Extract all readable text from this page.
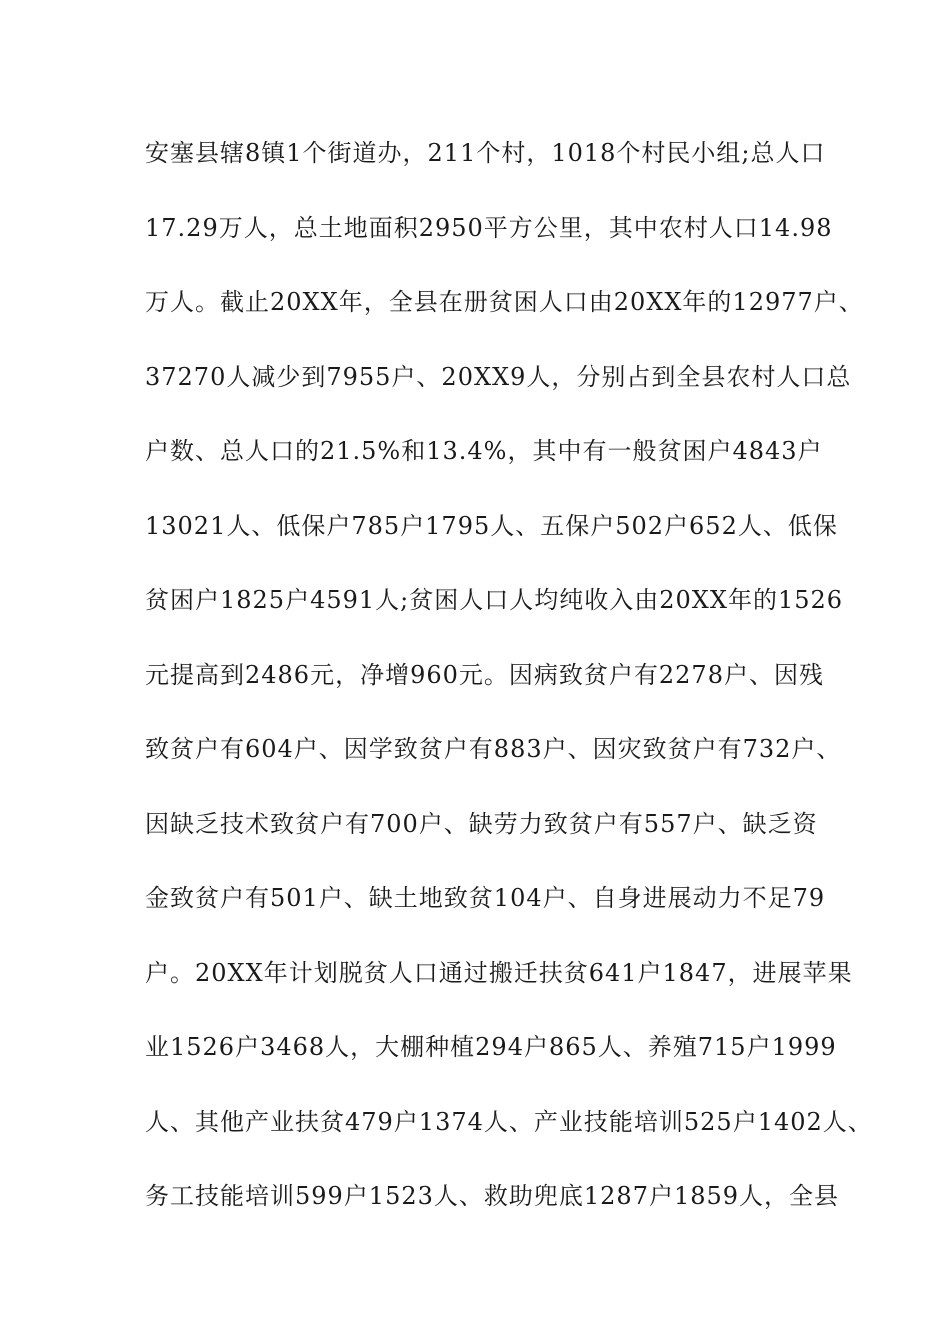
安塞县辖8镇1个街道办，211个村，1018个村民小组;总人口
17.29万人，总土地面积2950平方公里，其中农村人口14.98
万人。截止20XX年，全县在册贫困人口由20XX年的12977户、
37270人减少到7955户、20XX9人，分别占到全县农村人口总
户数、总人口的21.5%和13.4%，其中有一般贫困户4843户
13021人、低保户785户1795人、五保户502户652人、低保
贫困户1825户4591人;贫困人口人均纯收入由20XX年的1526
元提高到2486元，净增960元。因病致贫户有2278户、因残
致贫户有604户、因学致贫户有883户、因灾致贫户有732户、
因缺乏技术致贫户有700户、缺劳力致贫户有557户、缺乏资
金致贫户有501户、缺土地致贫104户、自身进展动力不足79
户。20XX年计划脱贫人口通过搬迁扶贫641户1847，进展苹果
业1526户3468人，大棚种植294户865人、养殖715户1999
人、其他产业扶贫479户1374人、产业技能培训525户1402人、
务工技能培训599户1523人、救助兜底1287户1859人，全县
